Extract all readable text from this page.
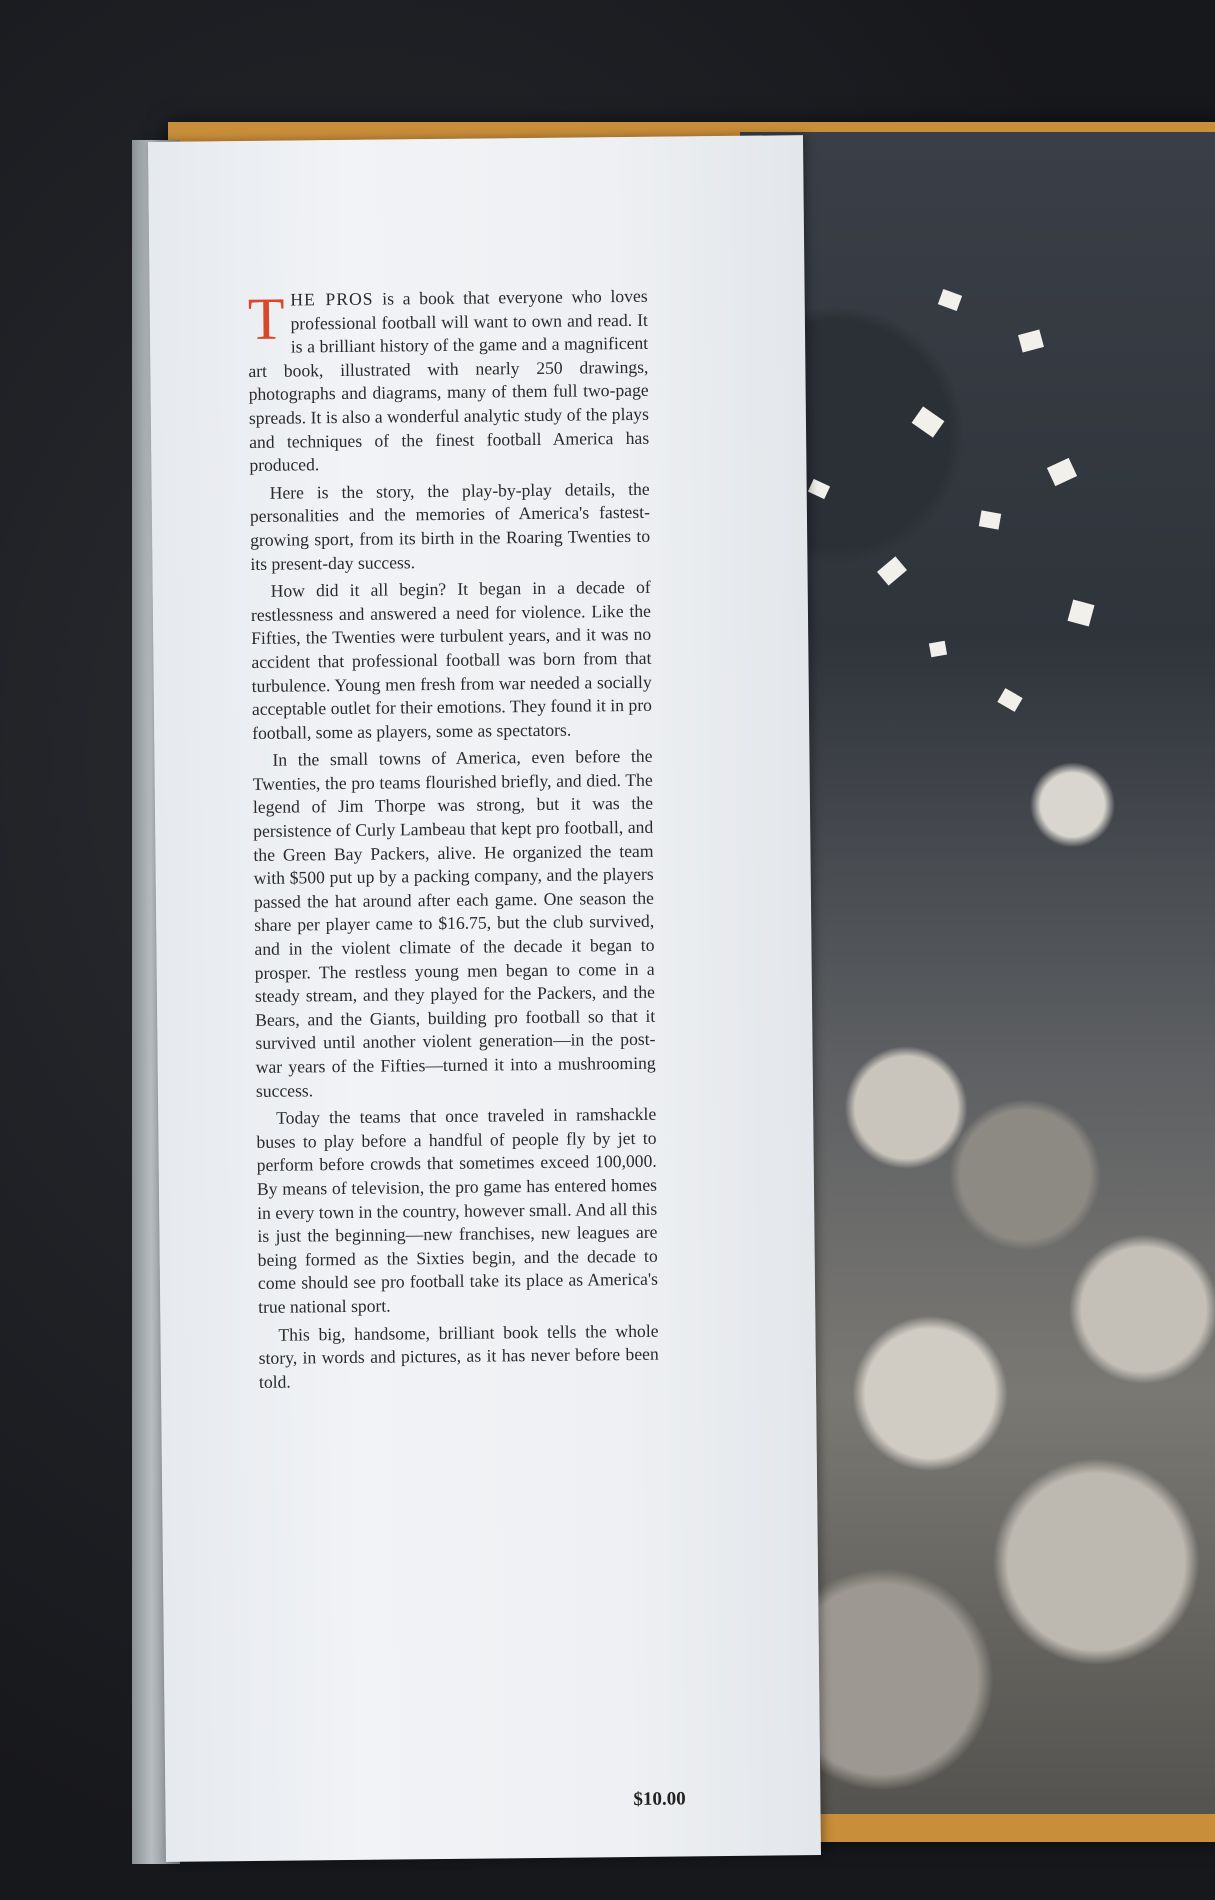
THE PROS is a book that everyone who loves professional football will want to own and read. It is a brilliant history of the game and a magnificent art book, illustrated with nearly 250 drawings, photographs and diagrams, many of them full two-page spreads. It is also a wonderful analytic study of the plays and techniques of the finest football America has produced.

Here is the story, the play-by-play details, the personalities and the memories of America's fastest-growing sport, from its birth in the Roaring Twenties to its present-day success.

How did it all begin? It began in a decade of restlessness and answered a need for violence. Like the Fifties, the Twenties were turbulent years, and it was no accident that professional football was born from that turbulence. Young men fresh from war needed a socially acceptable outlet for their emotions. They found it in pro football, some as players, some as spectators.

In the small towns of America, even before the Twenties, the pro teams flourished briefly, and died. The legend of Jim Thorpe was strong, but it was the persistence of Curly Lambeau that kept pro football, and the Green Bay Packers, alive. He organized the team with $500 put up by a packing company, and the players passed the hat around after each game. One season the share per player came to $16.75, but the club survived, and in the violent climate of the decade it began to prosper. The restless young men began to come in a steady stream, and they played for the Packers, and the Bears, and the Giants, building pro football so that it survived until another violent generation—in the post-war years of the Fifties—turned it into a mushrooming success.

Today the teams that once traveled in ramshackle buses to play before a handful of people fly by jet to perform before crowds that sometimes exceed 100,000. By means of television, the pro game has entered homes in every town in the country, however small. And all this is just the beginning—new franchises, new leagues are being formed as the Sixties begin, and the decade to come should see pro football take its place as America's true national sport.

This big, handsome, brilliant book tells the whole story, in words and pictures, as it has never before been told.

$10.00
